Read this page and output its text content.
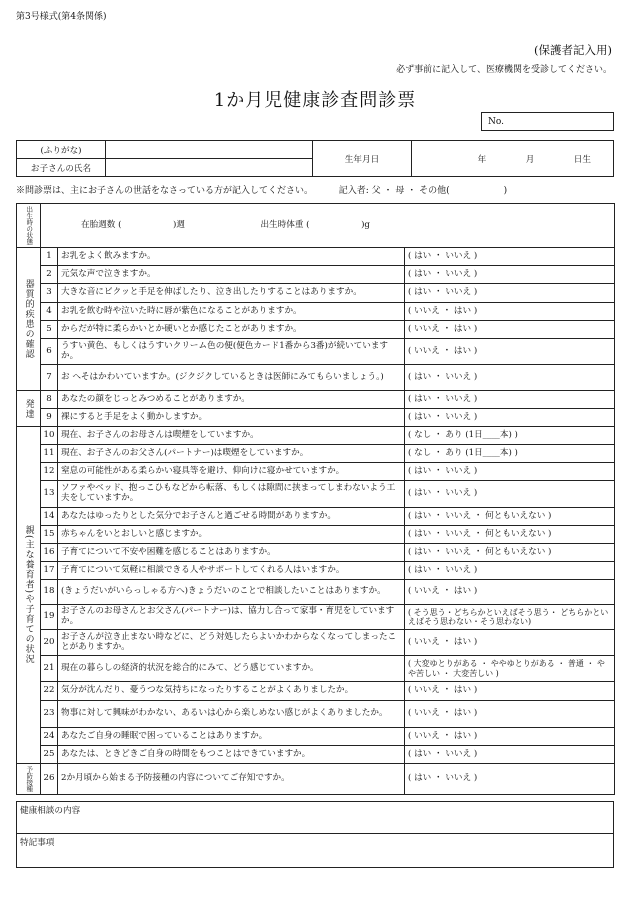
第3号様式(第4条関係)
(保護者記入用)
必ず事前に記入して、医療機関を受診してください。
1か月児健康診査問診票
No.
(ふりがな)		生年月日	年 月 日生
お子さんの氏名			
※問診票は、主にお子さんの世話をなさっている方が記入してください。	記入者: 父 ・ 母 ・ その他(　　　　　　)
出生時の状態	在胎週数 (　　　　　　)週 出生時体重 (　　　　　　)g		
器質的疾患の確認	1	お乳をよく飲みますか。	( はい ・ いいえ )
	2	元気な声で泣きますか。	( はい ・ いいえ )
	3	大きな音にビクッと手足を伸ばしたり、泣き出したりすることはありますか。	( はい ・ いいえ )
	4	お乳を飲む時や泣いた時に唇が紫色になることがありますか。	( いいえ ・ はい )
	5	からだが特に柔らかいとか硬いとか感じたことがありますか。	( いいえ ・ はい )
	6	うすい黄色、もしくはうすいクリーム色の便(便色カード1番から3番)が続いていますか。	( いいえ ・ はい )
	7	お へそはかわいていますか。(ジクジクしているときは医師にみてもらいましょう。)	( はい ・ いいえ )
発達	8	あなたの顔をじっとみつめることがありますか。	( はい ・ いいえ )
	9	裸にすると手足をよく動かしますか。	( はい ・ いいえ )
親(主な養育者)や子育ての状況	10	現在、お子さんのお母さんは喫煙をしていますか。	( なし ・ あり (1日____本) )
	11	現在、お子さんのお父さん(パートナー)は喫煙をしていますか。	( なし ・ あり (1日____本) )
	12	窒息の可能性がある柔らかい寝具等を避け、仰向けに寝かせていますか。	( はい ・ いいえ )
	13	ソファやベッド、抱っこひもなどから転落、もしくは隙間に挟まってしまわないよう工夫をしていますか。	( はい ・ いいえ )
	14	あなたはゆったりとした気分でお子さんと過ごせる時間がありますか。	( はい ・ いいえ ・ 何ともいえない )
	15	赤ちゃんをいとおしいと感じますか。	( はい ・ いいえ ・ 何ともいえない )
	16	子育てについて不安や困難を感じることはありますか。	( はい ・ いいえ ・ 何ともいえない )
	17	子育てについて気軽に相談できる人やサポートしてくれる人はいますか。	( はい ・ いいえ )
	18	(きょうだいがいらっしゃる方へ)きょうだいのことで相談したいことはありますか。	( いいえ ・ はい )
	19	お子さんのお母さんとお父さん(パートナー)は、協力し合って家事・育児をしていますか。	( そう思う・どちらかといえばそう思う・ どちらかといえばそう思わない・そう思わない)
	20	お子さんが泣き止まない時などに、どう対処したらよいかわからなくなってしまったことがありますか。	( いいえ ・ はい )
	21	現在の暮らしの経済的状況を総合的にみて、どう感じていますか。	( 大変ゆとりがある ・ ややゆとりがある ・ 普通 ・ やや苦しい ・ 大変苦しい )
	22	気分が沈んだり、憂うつな気持ちになったりすることがよくありましたか。	( いいえ ・ はい )
	23	物事に対して興味がわかない、あるいは心から楽しめない感じがよくありましたか。	( いいえ ・ はい )
	24	あなたご自身の睡眠で困っていることはありますか。	( いいえ ・ はい )
	25	あなたは、ときどきご自身の時間をもつことはできていますか。	( はい ・ いいえ )
予防接種	26	2か月頃から始まる予防接種の内容についてご存知ですか。	( はい ・ いいえ )
健康相談の内容
特記事項
